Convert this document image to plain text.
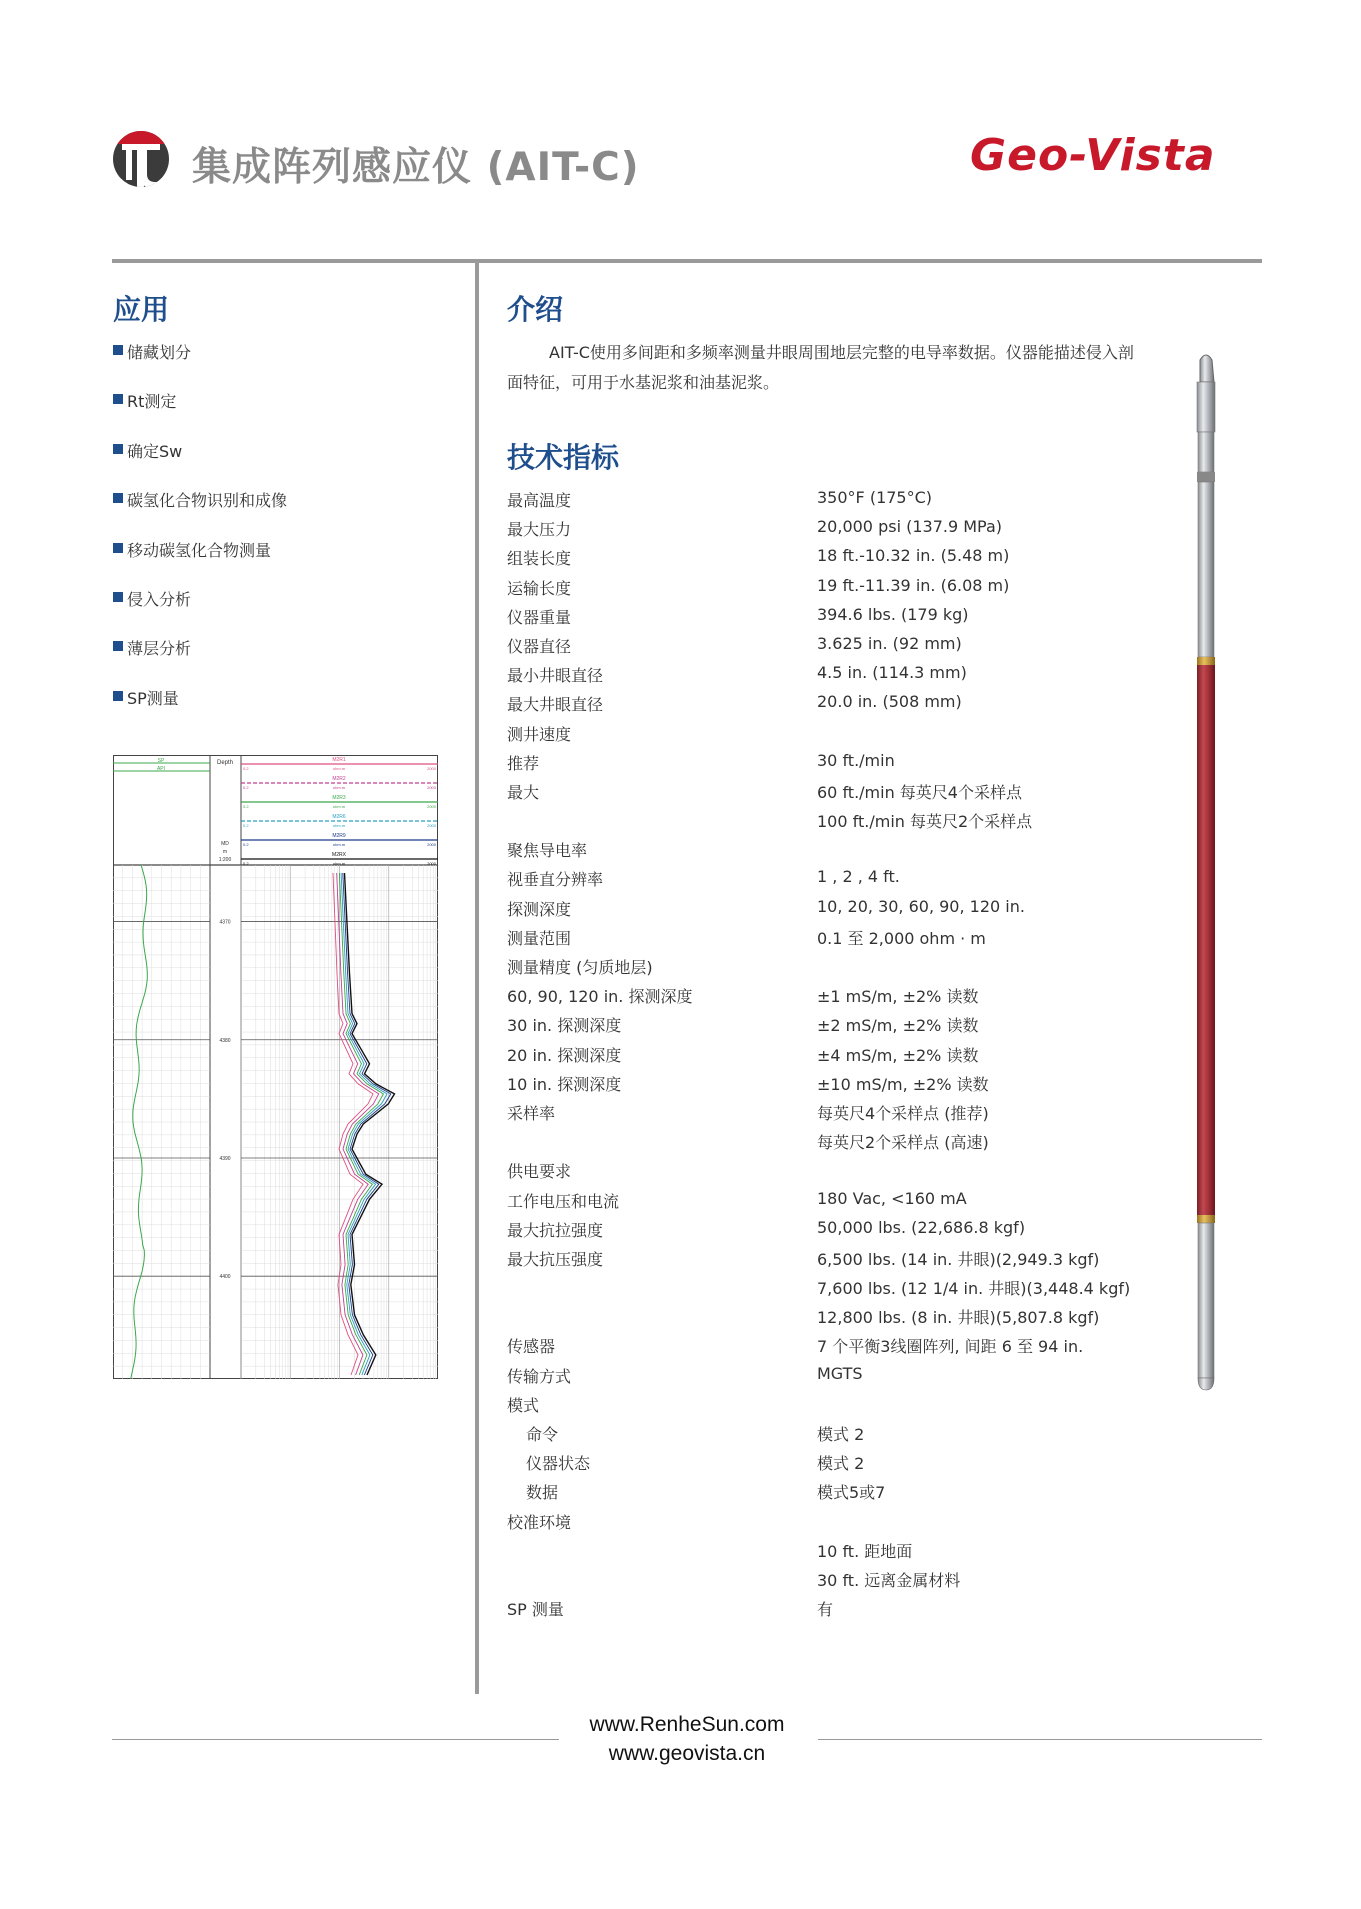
集成阵列感应仪 (AIT-C)	Geo-Vista
应用
储藏划分
Rt测定
确定Sw
碳氢化合物识别和成像
移动碳氢化合物测量
侵入分析
薄层分析
SP测量
SP
API
Depth
MD
m
1:200
M2R1
0.2	ohm.m	2000
M2R2
0.2	ohm.m	2000
M2R3
0.2	ohm.m	2000
M2R6
0.2	ohm.m	2000
M2R9
0.2	ohm.m	2000
M2RX
0.2	ohm.m	2000
4370
4380
4390
4400
介绍
AIT-C使用多间距和多频率测量井眼周围地层完整的电导率数据。仪器能描述侵入剖面特征，可用于水基泥浆和油基泥浆。
技术指标
最高温度	350°F (175°C)
最大压力	20,000 psi (137.9 MPa)
组装长度	18 ft.-10.32 in. (5.48 m)
运输长度	19 ft.-11.39 in. (6.08 m)
仪器重量	394.6 lbs. (179 kg)
仪器直径	3.625 in. (92 mm)
最小井眼直径	4.5 in. (114.3 mm)
最大井眼直径	20.0 in. (508 mm)
测井速度
推荐	30 ft./min
最大	60 ft./min 每英尺4个采样点
100 ft./min 每英尺2个采样点
聚焦导电率
视垂直分辨率	1 , 2 , 4 ft.
探测深度	10, 20, 30, 60, 90, 120 in.
测量范围	0.1 至 2,000 ohm · m
测量精度 (匀质地层)
60, 90, 120 in. 探测深度	±1 mS/m, ±2% 读数
30 in. 探测深度	±2 mS/m, ±2% 读数
20 in. 探测深度	±4 mS/m, ±2% 读数
10 in. 探测深度	±10 mS/m, ±2% 读数
采样率	每英尺4个采样点 (推荐)
每英尺2个采样点 (高速)
供电要求
工作电压和电流	180 Vac, <160 mA
最大抗拉强度	50,000 lbs. (22,686.8 kgf)
最大抗压强度	6,500 lbs. (14 in. 井眼)(2,949.3 kgf)
7,600 lbs. (12 1/4 in. 井眼)(3,448.4 kgf)
12,800 lbs. (8 in. 井眼)(5,807.8 kgf)
传感器	7 个平衡3线圈阵列, 间距 6 至 94 in.
传输方式	MGTS
模式
命令	模式 2
仪器状态	模式 2
数据	模式5或7
校准环境
10 ft. 距地面
30 ft. 远离金属材料
SP 测量	有
www.RenheSun.com
www.geovista.cn
